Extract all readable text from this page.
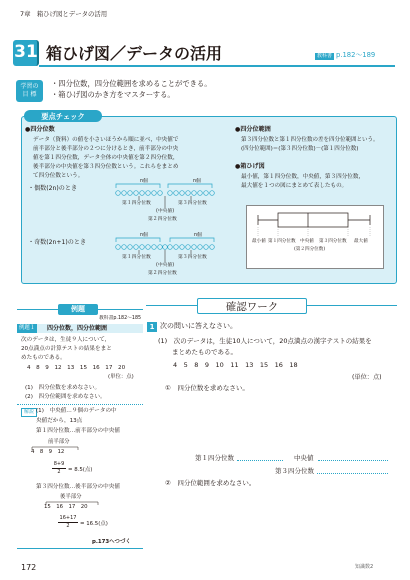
7章　箱ひげ図とデータの活用
31 箱ひげ図／データの活用	教科書 p.182〜189
学習の
目 標
・四分位数，四分位範囲を求めることができる。
・箱ひげ図のかき方をマスターする。
要点チェック
●四分位数
データ（資料）の値を小さいほうから順に並べ，中央値で
前半部分と後半部分の２つに分けるとき，前半部分の中央
値を第１四分位数，データ全体の中央値を第２四分位数，
後半部分の中央値を第３四分位数という。これらをまとめ
て四分位数という。
・偶数(2n)のとき
n個	n個
第１四分位数	第３四分位数
(中央値)
第２四分位数
・奇数(2n+1)のとき
n個	n個
第１四分位数	第３四分位数
(中央値)
第２四分位数
●四分位範囲
第３四分位数と第１四分位数の差を四分位範囲という。
(四分位範囲)＝(第３四分位数)－(第１四分位数)
●箱ひげ図
最小値，第１四分位数，中央値，第３四分位数，
最大値を１つの図にまとめて表したもの。
最小値 第１四分位数 中央値 第３四分位数 最大値
(第２四分位数)
例題
教科書p.182〜185
例題１	四分位数，四分位範囲
次のデータは，生徒９人について，
20点満点の計算テストの結果をまと
めたものである。
4　8　9　12　13　15　16　17　20
(単位：点)
(1)　四分位数を求めなさい。
(2)　四分位範囲を求めなさい。
解説 (1)　中央値…９個のデータの中
央値だから，13点
第１四分位数…前半部分の中央値
前半部分
4　8　9　12
8+9
2	= 8.5(点)
第３四分位数…後半部分の中央値
後半部分
15　16　17　20
16+17
2	= 16.5(点)
p.173へつづく
確認ワーク
1 次の問いに答えなさい。
(1)　次のデータは，生徒10人について，20点満点の漢字テストの結果を
まとめたものである。
4　5　8　9　10　11　13　15　16　18
(単位：点)
①　四分位数を求めなさい。
第１四分位数	中央値
第３四分位数
②　四分位範囲を求めなさい。
172	知識数2
